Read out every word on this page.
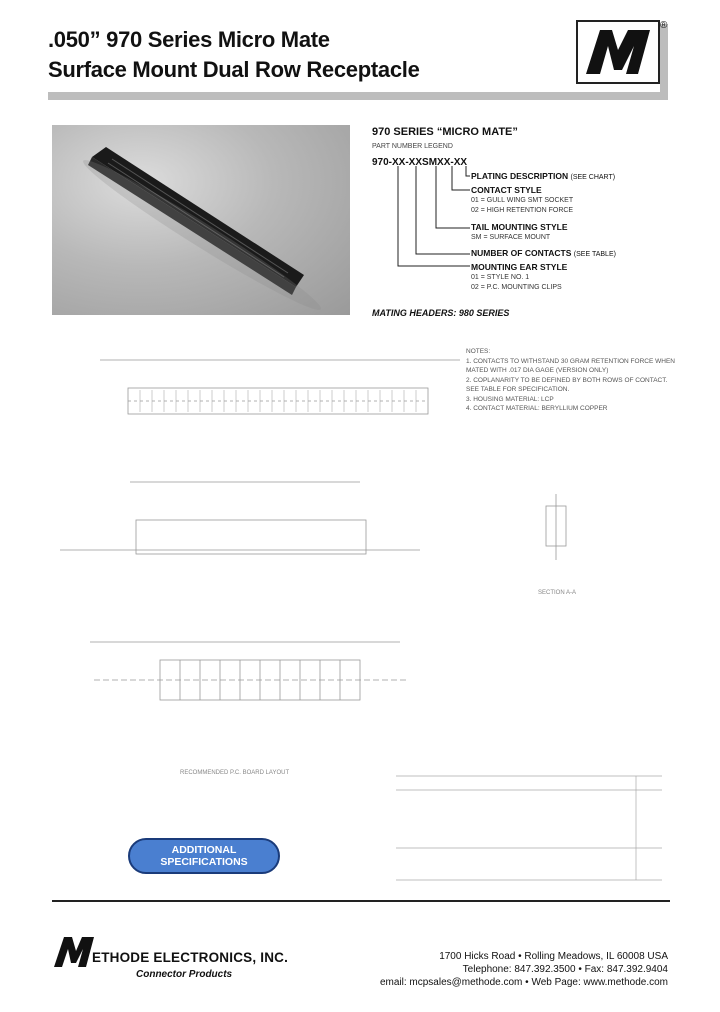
.050” 970 Series Micro Mate
Surface Mount Dual Row Receptacle
®
970 SERIES “MICRO MATE”
PART NUMBER LEGEND
970-XX-XXSMXX-XX
PLATING DESCRIPTION (SEE CHART)
CONTACT STYLE
01 = GULL WING SMT SOCKET
02 = HIGH RETENTION FORCE
TAIL MOUNTING STYLE
SM = SURFACE MOUNT
NUMBER OF CONTACTS (SEE TABLE)
MOUNTING EAR STYLE
01 = STYLE NO. 1
02 = P.C. MOUNTING CLIPS
MATING HEADERS: 980 SERIES
NOTES:
1. CONTACTS TO WITHSTAND 30 GRAM RETENTION FORCE WHEN
MATED WITH .017 DIA GAGE (VERSION ONLY)
2. COPLANARITY TO BE DEFINED BY BOTH ROWS OF CONTACT.
SEE TABLE FOR SPECIFICATION.
3. HOUSING MATERIAL: LCP
4. CONTACT MATERIAL: BERYLLIUM COPPER
SECTION A-A
RECOMMENDED P.C. BOARD LAYOUT
ADDITIONAL
SPECIFICATIONS
ETHODE ELECTRONICS, INC.
Connector Products
1700 Hicks Road • Rolling Meadows, IL 60008 USA
Telephone: 847.392.3500 • Fax: 847.392.9404
email: mcpsales@methode.com • Web Page: www.methode.com
